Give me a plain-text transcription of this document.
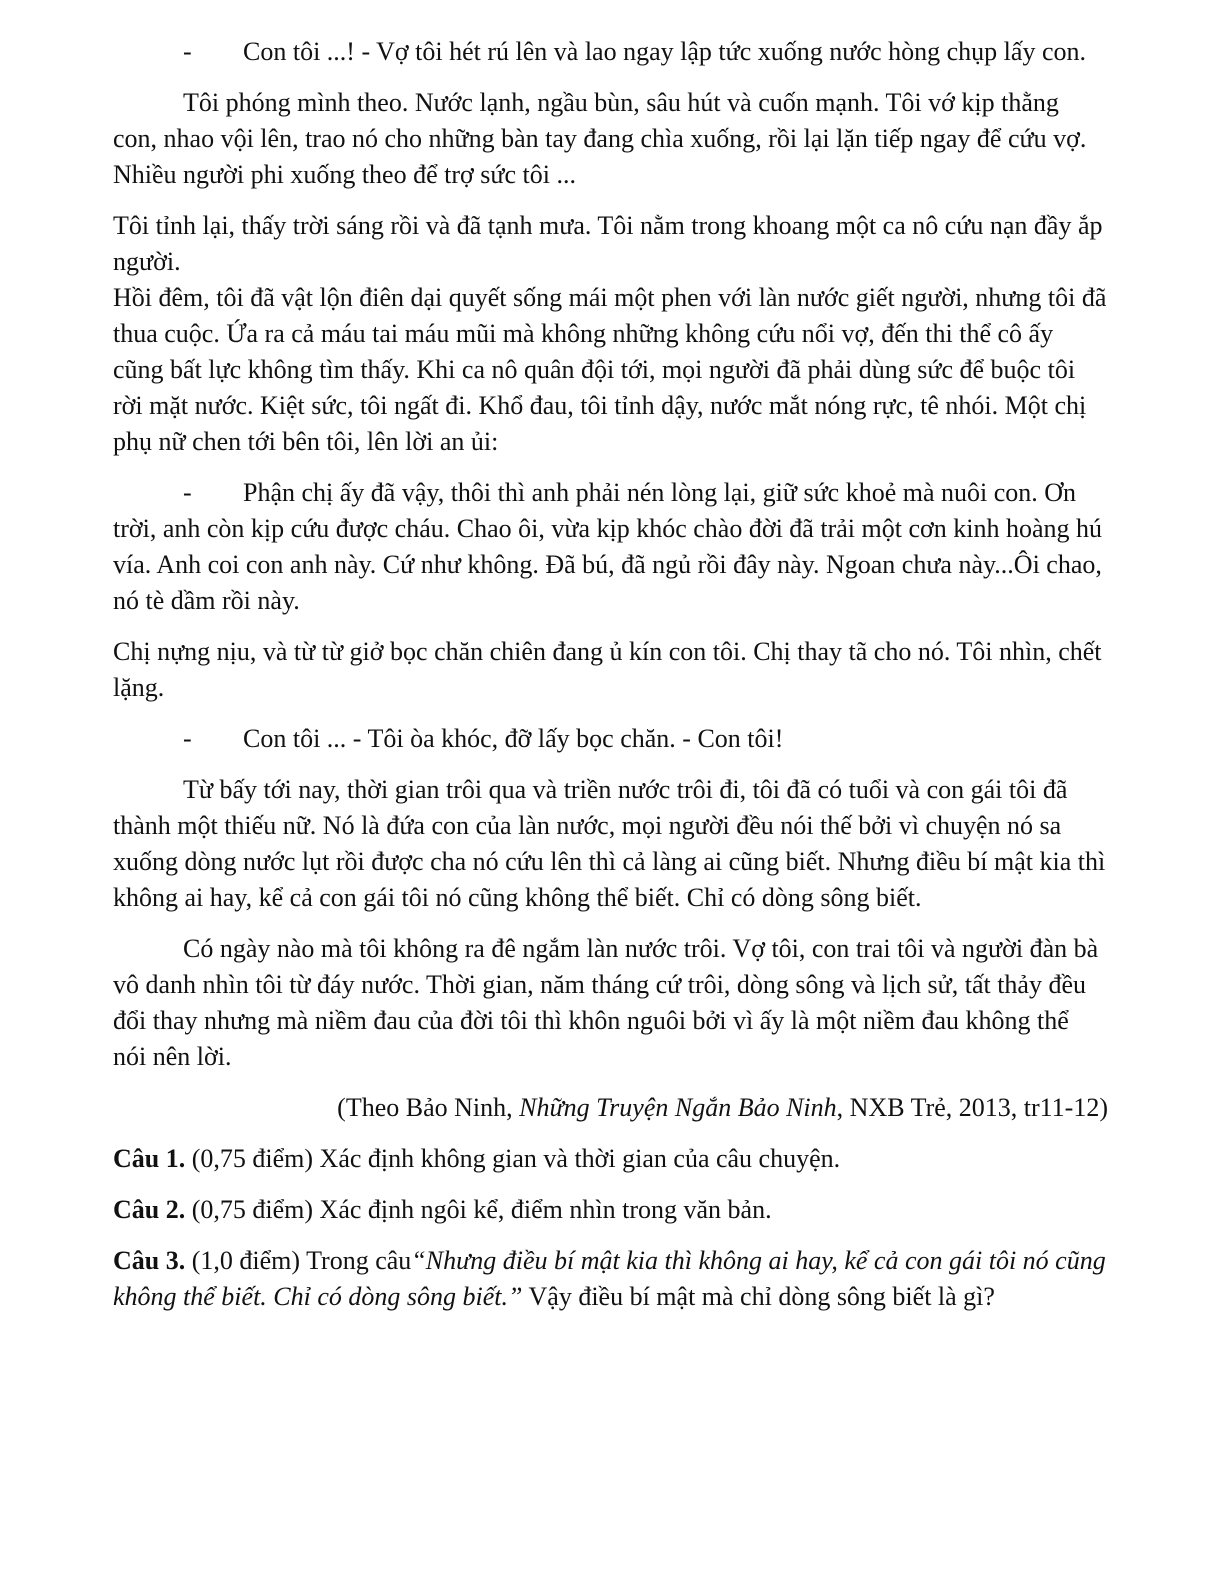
- Con tôi ...! - Vợ tôi hét rú lên và lao ngay lập tức xuống nước hòng chụp lấy con.

Tôi phóng mình theo. Nước lạnh, ngầu bùn, sâu hút và cuốn mạnh. Tôi vớ kịp thằng con, nhao vội lên, trao nó cho những bàn tay đang chìa xuống, rồi lại lặn tiếp ngay để cứu vợ. Nhiều người phi xuống theo để trợ sức tôi ...

Tôi tỉnh lại, thấy trời sáng rồi và đã tạnh mưa. Tôi nằm trong khoang một ca nô cứu nạn đầy ắp người.

Hồi đêm, tôi đã vật lộn điên dại quyết sống mái một phen với làn nước giết người, nhưng tôi đã thua cuộc. Ứa ra cả máu tai máu mũi mà không những không cứu nổi vợ, đến thi thể cô ấy cũng bất lực không tìm thấy. Khi ca nô quân đội tới, mọi người đã phải dùng sức để buộc tôi rời mặt nước. Kiệt sức, tôi ngất đi. Khổ đau, tôi tỉnh dậy, nước mắt nóng rực, tê nhói. Một chị phụ nữ chen tới bên tôi, lên lời an ủi:

- Phận chị ấy đã vậy, thôi thì anh phải nén lòng lại, giữ sức khoẻ mà nuôi con. Ơn trời, anh còn kịp cứu được cháu. Chao ôi, vừa kịp khóc chào đời đã trải một cơn kinh hoàng hú vía. Anh coi con anh này. Cứ như không. Đã bú, đã ngủ rồi đây này. Ngoan chưa này...Ôi chao, nó tè dầm rồi này.

Chị nựng nịu, và từ từ giở bọc chăn chiên đang ủ kín con tôi. Chị thay tã cho nó. Tôi nhìn, chết lặng.

- Con tôi ... - Tôi òa khóc, đỡ lấy bọc chăn. - Con tôi!

Từ bấy tới nay, thời gian trôi qua và triền nước trôi đi, tôi đã có tuổi và con gái tôi đã thành một thiếu nữ. Nó là đứa con của làn nước, mọi người đều nói thế bởi vì chuyện nó sa xuống dòng nước lụt rồi được cha nó cứu lên thì cả làng ai cũng biết. Nhưng điều bí mật kia thì không ai hay, kể cả con gái tôi nó cũng không thể biết. Chỉ có dòng sông biết.

Có ngày nào mà tôi không ra đê ngắm làn nước trôi. Vợ tôi, con trai tôi và người đàn bà vô danh nhìn tôi từ đáy nước. Thời gian, năm tháng cứ trôi, dòng sông và lịch sử, tất thảy đều đổi thay nhưng mà niềm đau của đời tôi thì khôn nguôi bởi vì ấy là một niềm đau không thể nói nên lời.

(Theo Bảo Ninh, Những Truyện Ngắn Bảo Ninh, NXB Trẻ, 2013, tr11-12)

Câu 1. (0,75 điểm) Xác định không gian và thời gian của câu chuyện.

Câu 2. (0,75 điểm) Xác định ngôi kể, điểm nhìn trong văn bản.

Câu 3. (1,0 điểm) Trong câu“Nhưng điều bí mật kia thì không ai hay, kể cả con gái tôi nó cũng không thể biết. Chỉ có dòng sông biết.” Vậy điều bí mật mà chỉ dòng sông biết là gì?
